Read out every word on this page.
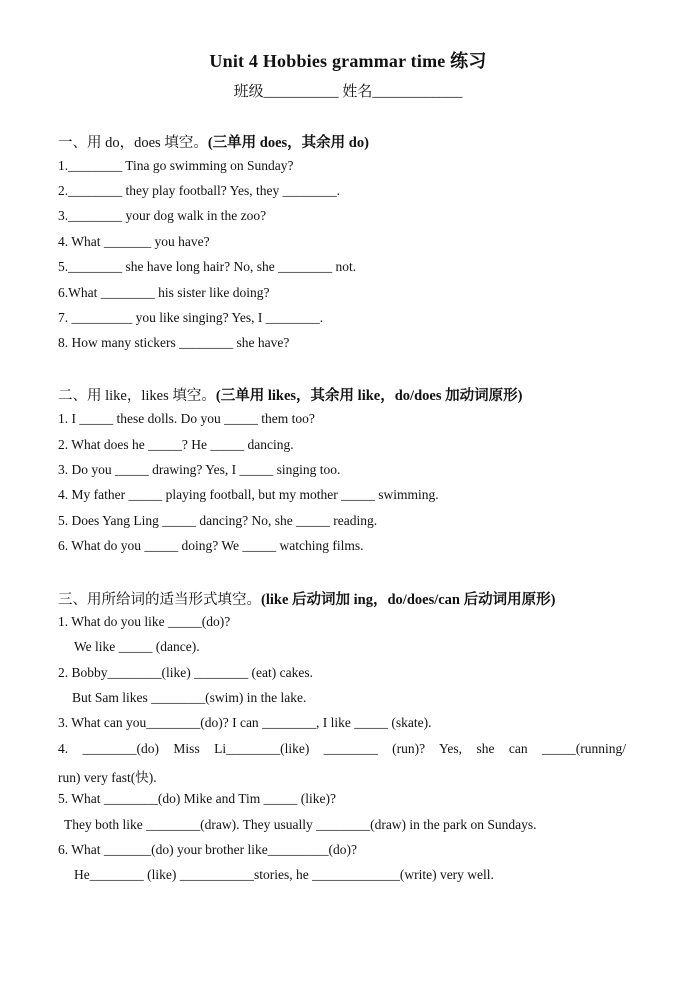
Unit 4 Hobbies grammar time 练习
班级__________ 姓名____________
一、用 do，does 填空。(三单用 does，其余用 do)
1.________ Tina go swimming on Sunday?
2.________ they play football? Yes, they ________.
3.________ your dog walk in the zoo?
4. What _______ you have?
5.________ she have long hair? No, she ________ not.
6.What ________ his sister like doing?
7. _________ you like singing? Yes, I ________.
8. How many stickers ________ she have?
二、用 like，likes 填空。(三单用 likes，其余用 like，do/does 加动词原形)
1. I _____ these dolls. Do you _____ them too?
2. What does he _____? He _____ dancing.
3. Do you _____ drawing? Yes, I _____ singing too.
4. My father _____ playing football, but my mother _____ swimming.
5. Does Yang Ling _____ dancing? No, she _____ reading.
6. What do you _____ doing? We _____ watching films.
三、用所给词的适当形式填空。(like 后动词加 ing，do/does/can 后动词用原形)
1. What do you like _____(do)?
We like _____ (dance).
2. Bobby________(like) ________ (eat) cakes.
But Sam likes ________(swim) in the lake.
3. What can you________(do)? I can ________, I like _____ (skate).
4. ________(do) Miss Li________(like) ________ (run)? Yes, she can _____(running/
run) very fast(快).
5. What ________(do) Mike and Tim _____ (like)?
They both like ________(draw). They usually ________(draw) in the park on Sundays.
6. What _______(do) your brother like_________(do)?
He________ (like) ___________stories, he _____________(write) very well.
